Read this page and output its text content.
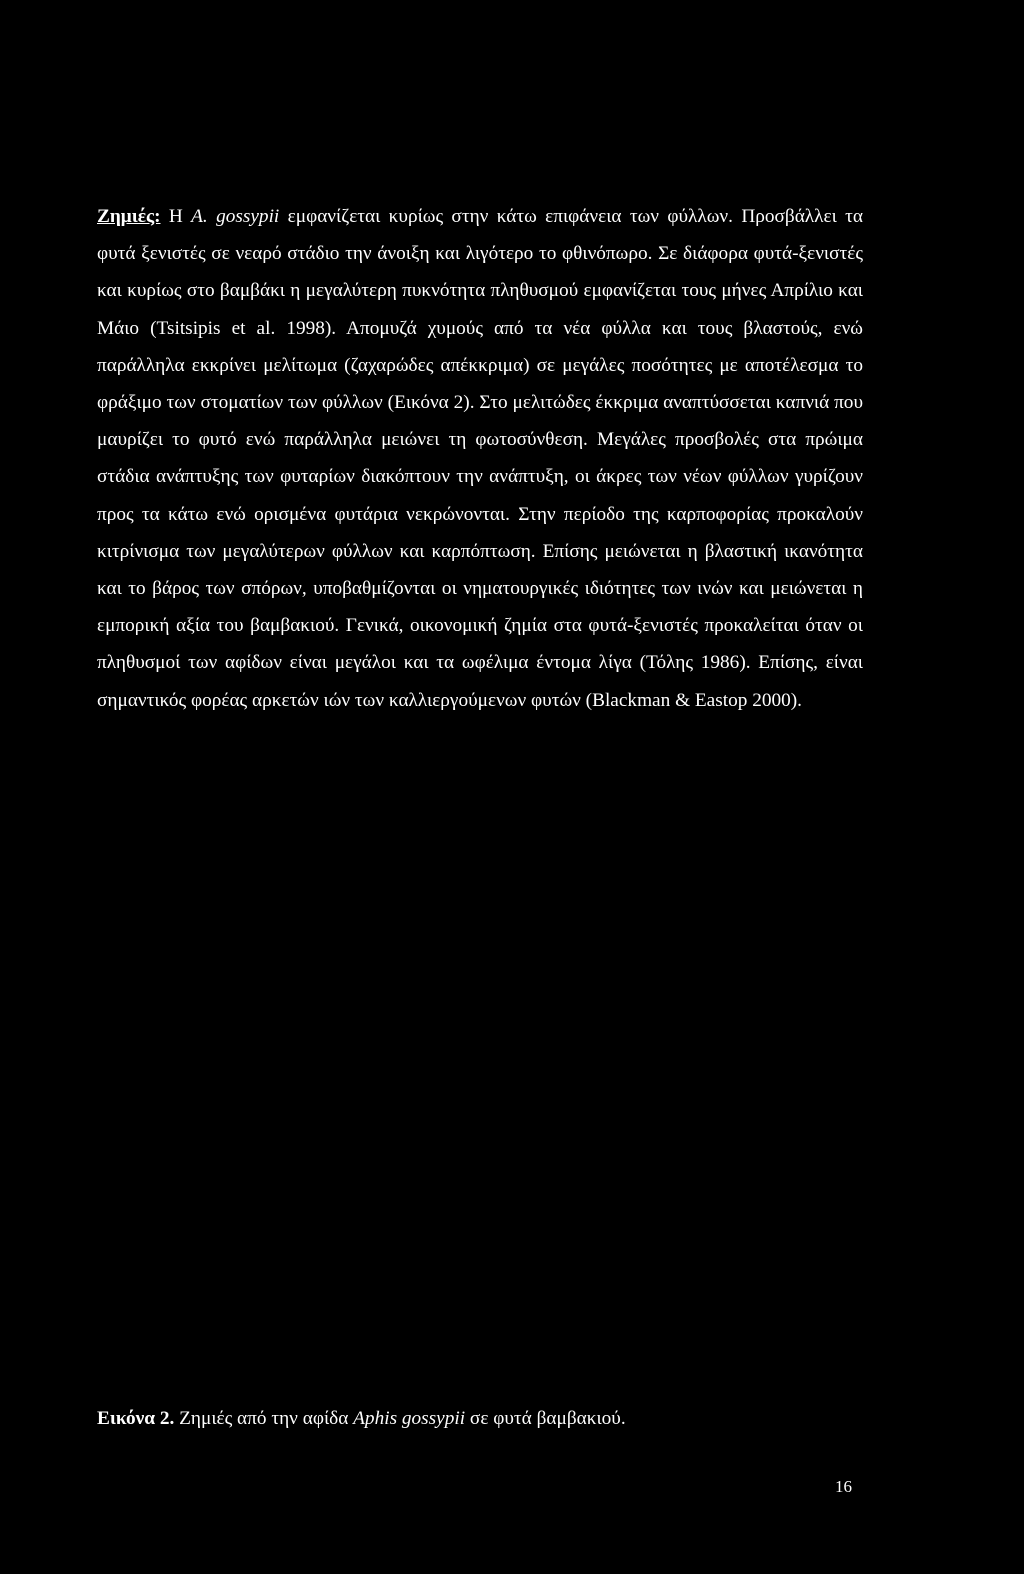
Ζημιές: Η A. gossypii εμφανίζεται κυρίως στην κάτω επιφάνεια των φύλλων. Προσβάλλει τα φυτά ξενιστές σε νεαρό στάδιο την άνοιξη και λιγότερο το φθινόπωρο. Σε διάφορα φυτά-ξενιστές και κυρίως στο βαμβάκι η μεγαλύτερη πυκνότητα πληθυσμού εμφανίζεται τους μήνες Απρίλιο και Μάιο (Tsitsipis et al. 1998). Απομυζά χυμούς από τα νέα φύλλα και τους βλαστούς, ενώ παράλληλα εκκρίνει μελίτωμα (ζαχαρώδες απέκκριμα) σε μεγάλες ποσότητες με αποτέλεσμα το φράξιμο των στοματίων των φύλλων (Εικόνα 2). Στο μελιτώδες έκκριμα αναπτύσσεται καπνιά που μαυρίζει το φυτό ενώ παράλληλα μειώνει τη φωτοσύνθεση. Μεγάλες προσβολές στα πρώιμα στάδια ανάπτυξης των φυταρίων διακόπτουν την ανάπτυξη, οι άκρες των νέων φύλλων γυρίζουν προς τα κάτω ενώ ορισμένα φυτάρια νεκρώνονται. Στην περίοδο της καρποφορίας προκαλούν κιτρίνισμα των μεγαλύτερων φύλλων και καρπόπτωση. Επίσης μειώνεται η βλαστική ικανότητα και το βάρος των σπόρων, υποβαθμίζονται οι νηματουργικές ιδιότητες των ινών και μειώνεται η εμπορική αξία του βαμβακιού. Γενικά, οικονομική ζημία στα φυτά-ξενιστές προκαλείται όταν οι πληθυσμοί των αφίδων είναι μεγάλοι και τα ωφέλιμα έντομα λίγα (Τόλης 1986). Επίσης, είναι σημαντικός φορέας αρκετών ιών των καλλιεργούμενων φυτών (Blackman & Eastop 2000).

Εικόνα 2. Ζημιές από την αφίδα Aphis gossypii σε φυτά βαμβακιού.

16
